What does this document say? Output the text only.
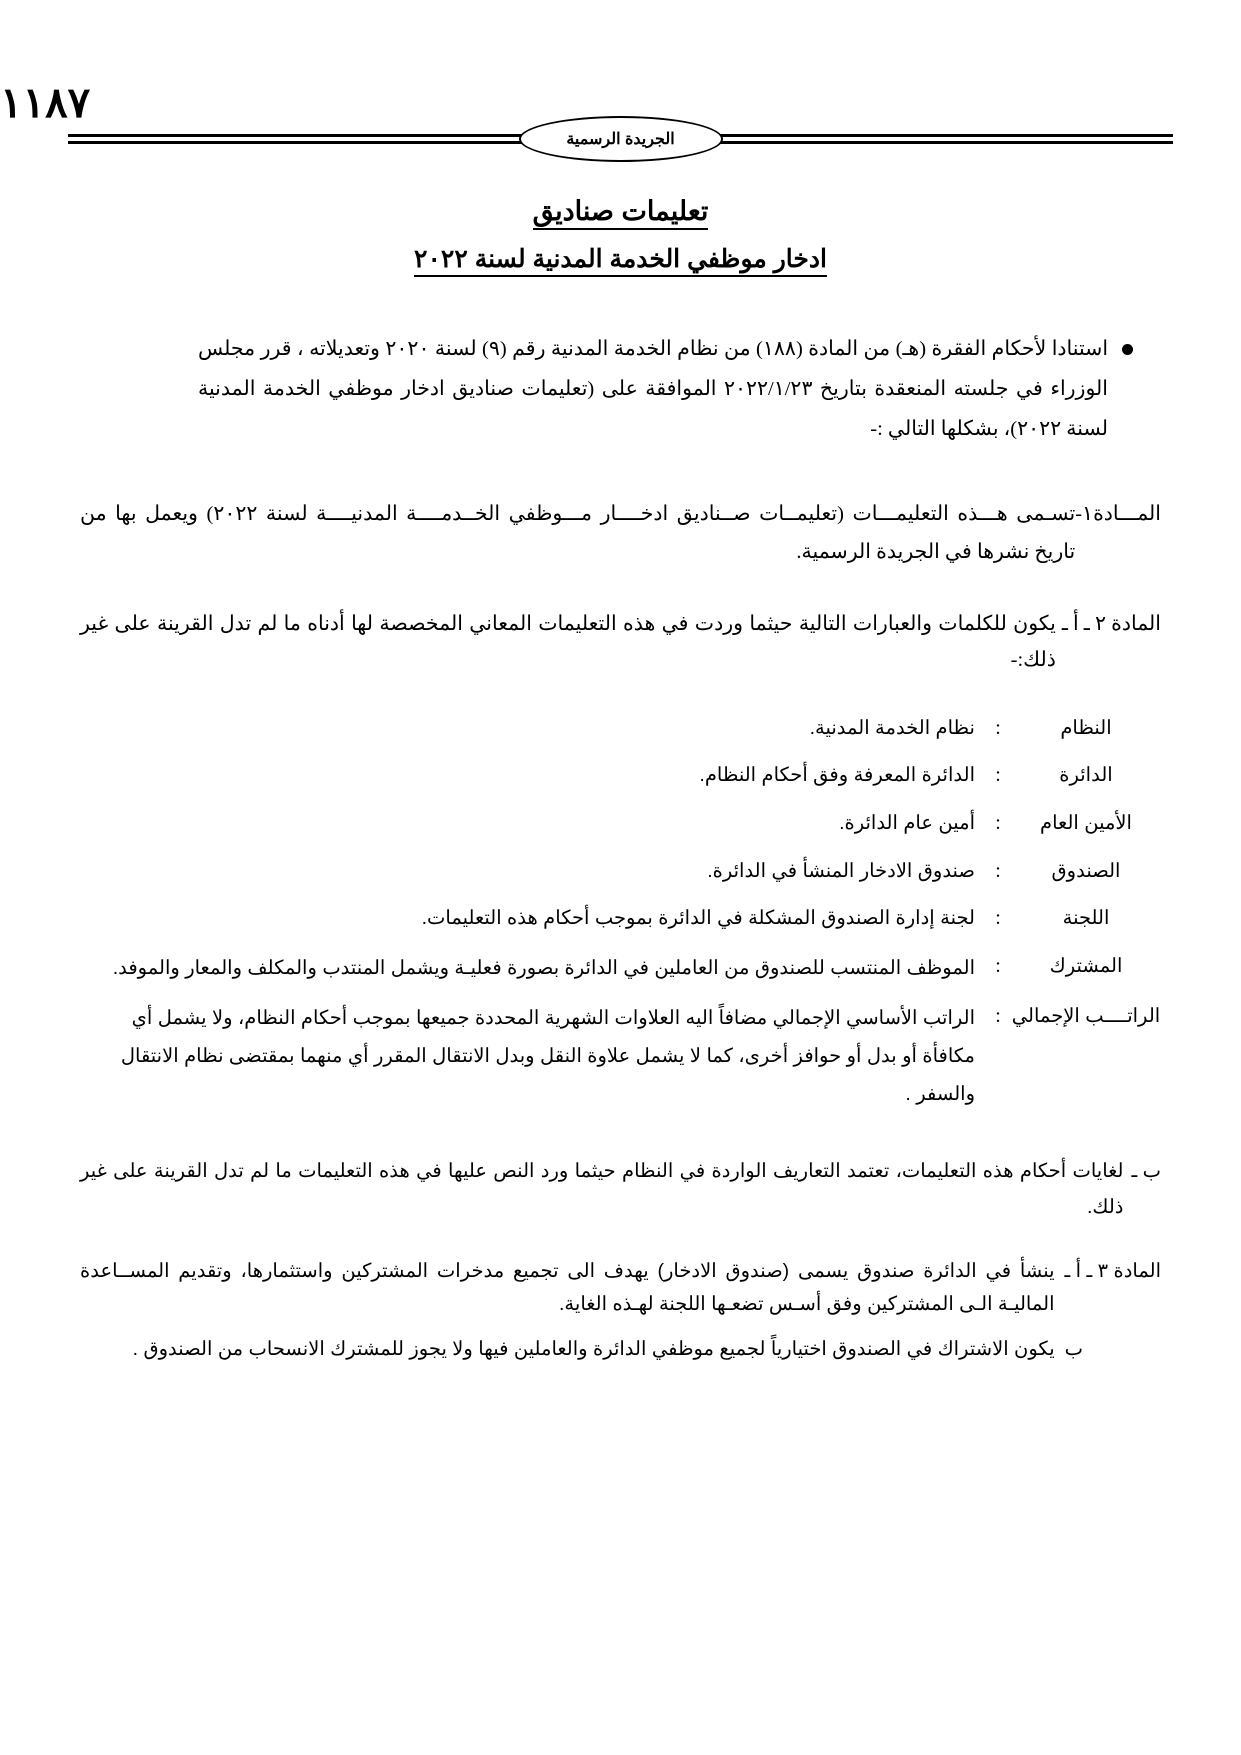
١١٨٧
الجريدة الرسمية
تعليمات صناديق
ادخار موظفي الخدمة المدنية لسنة ٢٠٢٢
استنادا لأحكام الفقرة (هـ) من المادة (١٨٨) من نظام الخدمة المدنية رقم (٩) لسنة ٢٠٢٠ وتعديلاته ، قرر مجلس الوزراء في جلسته المنعقدة بتاريخ ٢٠٢٢/١/٢٣ الموافقة على (تعليمات صناديق ادخار موظفي الخدمة المدنية لسنة ٢٠٢٢)، بشكلها التالي :-
المـــادة١-
تسـمى هـــذه التعليمـــات (تعليمــات صــناديق ادخــــار مـــوظفي الخــدمــــة المدنيــــة لسنة ٢٠٢٢) ويعمل بها من تاريخ نشرها في الجريدة الرسمية.
المادة ٢ ـ أ ـ
يكون للكلمات والعبارات التالية حيثما وردت في هذه التعليمات المعاني المخصصة لها أدناه ما لم تدل القرينة على غير ذلك:-
النظام	:	نظام الخدمة المدنية.
الدائرة	:	الدائرة المعرفة وفق أحكام النظام.
الأمين العام	:	أمين عام الدائرة.
الصندوق	:	صندوق الادخار المنشأ في الدائرة.
اللجنة	:	لجنة إدارة الصندوق المشكلة في الدائرة بموجب أحكام هذه التعليمات.
المشترك	:	الموظف المنتسب للصندوق من العاملين في الدائرة بصورة فعليـة ويشمل المنتدب والمكلف والمعار والموفد.
الراتــــب الإجمالي	:	الراتب الأساسي الإجمالي مضافاً اليه العلاوات الشهرية المحددة جميعها بموجب أحكام النظام، ولا يشمل أي مكافأة أو بدل أو حوافز أخرى، كما لا يشمل علاوة النقل وبدل الانتقال المقرر أي منهما بمقتضى نظام الانتقال والسفر .
ب ـ
لغايات أحكام هذه التعليمات، تعتمد التعاريف الواردة في النظام حيثما ورد النص عليها في هذه التعليمات ما لم تدل القرينة على غير ذلك.
المادة ٣ ـ أ ـ
ينشأ في الدائرة صندوق يسمى (صندوق الادخار) يهدف الى تجميع مدخرات المشتركين واستثمارها، وتقديم المســاعدة الماليـة الـى المشتركين وفق أسـس تضعـها اللجنة لهـذه الغاية.
ب
يكون الاشتراك في الصندوق اختيارياً لجميع موظفي الدائرة والعاملين فيها ولا يجوز للمشترك الانسحاب من الصندوق .
